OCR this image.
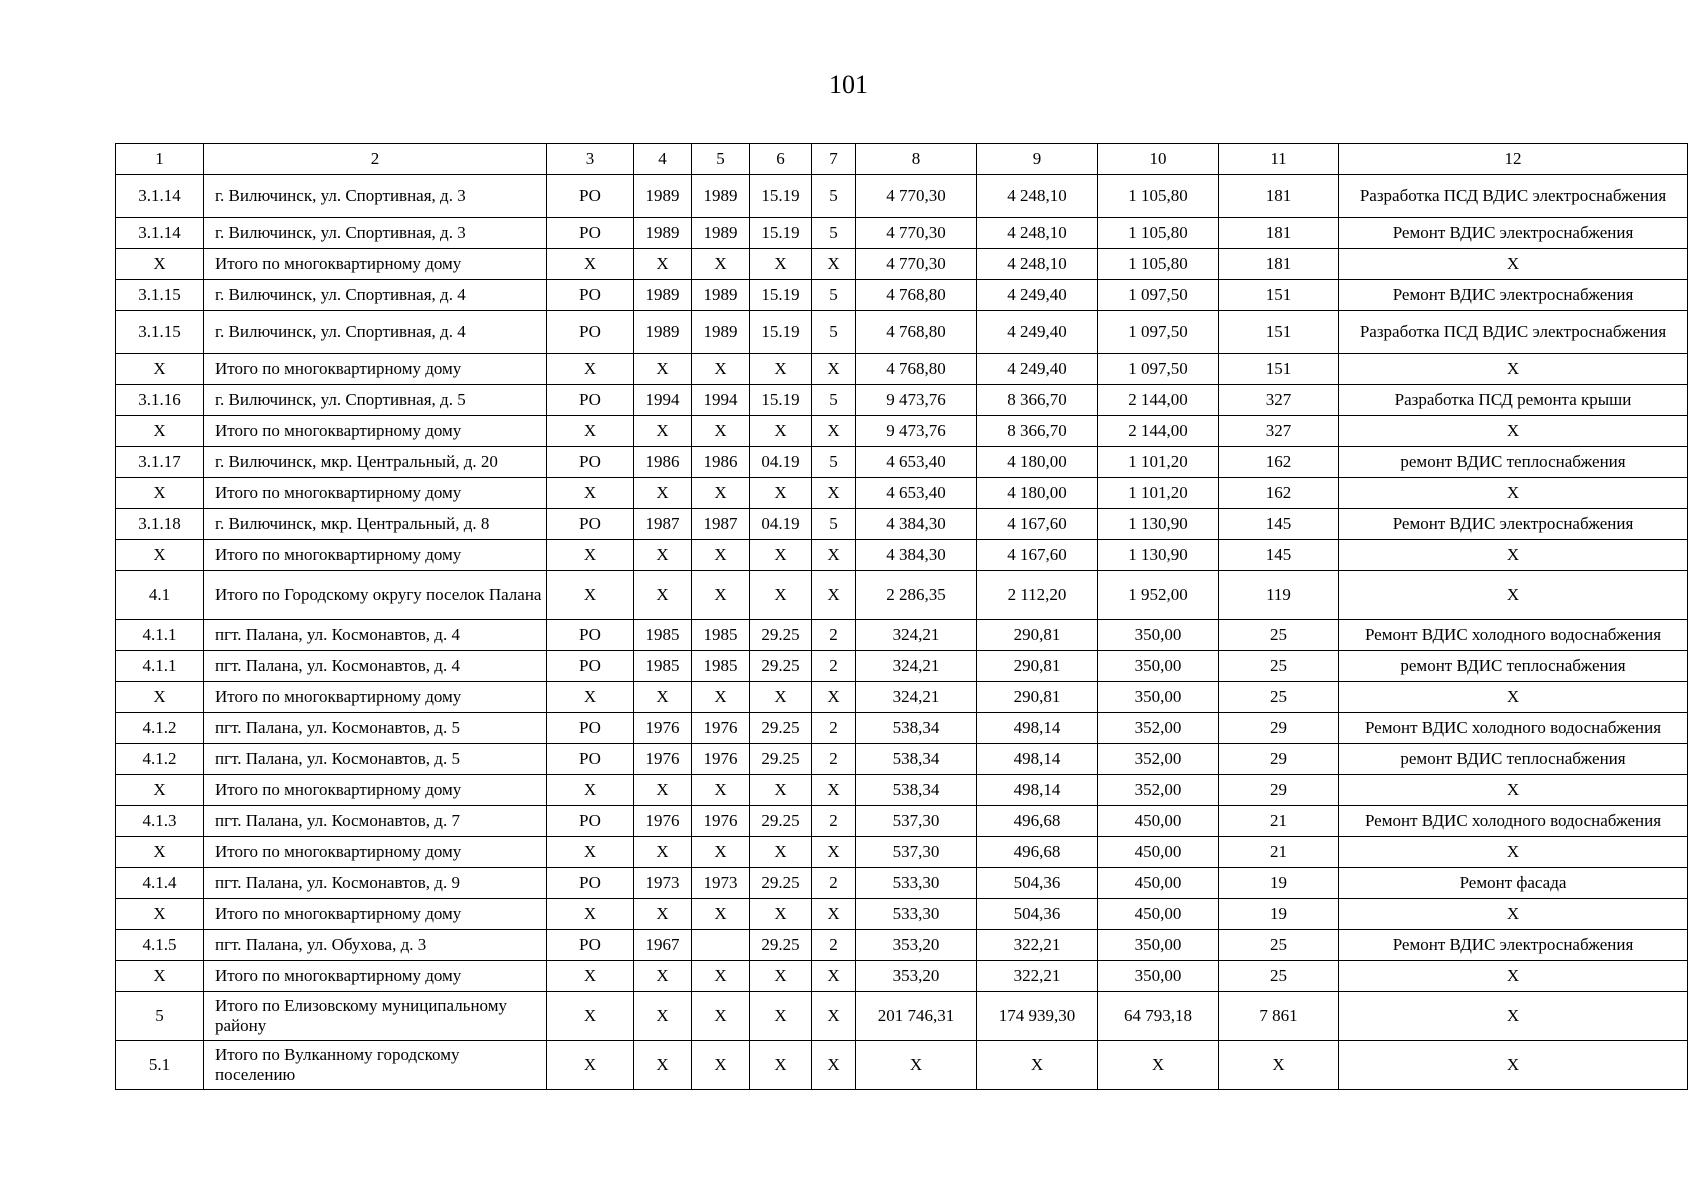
101
1	2	3	4	5	6	7	8	9	10	11	12
3.1.14	г. Вилючинск, ул. Спортивная, д. 3	РО	1989	1989	15.19	5	4 770,30	4 248,10	1 105,80	181	Разработка ПСД ВДИС электроснабжения
3.1.14	г. Вилючинск, ул. Спортивная, д. 3	РО	1989	1989	15.19	5	4 770,30	4 248,10	1 105,80	181	Ремонт ВДИС электроснабжения
X	Итого по многоквартирному дому	X	X	X	X	X	4 770,30	4 248,10	1 105,80	181	X
3.1.15	г. Вилючинск, ул. Спортивная, д. 4	РО	1989	1989	15.19	5	4 768,80	4 249,40	1 097,50	151	Ремонт ВДИС электроснабжения
3.1.15	г. Вилючинск, ул. Спортивная, д. 4	РО	1989	1989	15.19	5	4 768,80	4 249,40	1 097,50	151	Разработка ПСД ВДИС электроснабжения
X	Итого по многоквартирному дому	X	X	X	X	X	4 768,80	4 249,40	1 097,50	151	X
3.1.16	г. Вилючинск, ул. Спортивная, д. 5	РО	1994	1994	15.19	5	9 473,76	8 366,70	2 144,00	327	Разработка ПСД ремонта крыши
X	Итого по многоквартирному дому	X	X	X	X	X	9 473,76	8 366,70	2 144,00	327	X
3.1.17	г. Вилючинск, мкр. Центральный, д. 20	РО	1986	1986	04.19	5	4 653,40	4 180,00	1 101,20	162	ремонт ВДИС теплоснабжения
X	Итого по многоквартирному дому	X	X	X	X	X	4 653,40	4 180,00	1 101,20	162	X
3.1.18	г. Вилючинск, мкр. Центральный, д. 8	РО	1987	1987	04.19	5	4 384,30	4 167,60	1 130,90	145	Ремонт ВДИС электроснабжения
X	Итого по многоквартирному дому	X	X	X	X	X	4 384,30	4 167,60	1 130,90	145	X
4.1	Итого по Городскому округу поселок Палана	X	X	X	X	X	2 286,35	2 112,20	1 952,00	119	X
4.1.1	пгт. Палана, ул. Космонавтов, д. 4	РО	1985	1985	29.25	2	324,21	290,81	350,00	25	Ремонт ВДИС холодного водоснабжения
4.1.1	пгт. Палана, ул. Космонавтов, д. 4	РО	1985	1985	29.25	2	324,21	290,81	350,00	25	ремонт ВДИС теплоснабжения
X	Итого по многоквартирному дому	X	X	X	X	X	324,21	290,81	350,00	25	X
4.1.2	пгт. Палана, ул. Космонавтов, д. 5	РО	1976	1976	29.25	2	538,34	498,14	352,00	29	Ремонт ВДИС холодного водоснабжения
4.1.2	пгт. Палана, ул. Космонавтов, д. 5	РО	1976	1976	29.25	2	538,34	498,14	352,00	29	ремонт ВДИС теплоснабжения
X	Итого по многоквартирному дому	X	X	X	X	X	538,34	498,14	352,00	29	X
4.1.3	пгт. Палана, ул. Космонавтов, д. 7	РО	1976	1976	29.25	2	537,30	496,68	450,00	21	Ремонт ВДИС холодного водоснабжения
X	Итого по многоквартирному дому	X	X	X	X	X	537,30	496,68	450,00	21	X
4.1.4	пгт. Палана, ул. Космонавтов, д. 9	РО	1973	1973	29.25	2	533,30	504,36	450,00	19	Ремонт фасада
X	Итого по многоквартирному дому	X	X	X	X	X	533,30	504,36	450,00	19	X
4.1.5	пгт. Палана, ул. Обухова, д. 3	РО	1967		29.25	2	353,20	322,21	350,00	25	Ремонт ВДИС электроснабжения
X	Итого по многоквартирному дому	X	X	X	X	X	353,20	322,21	350,00	25	X
5	Итого по Елизовскому муниципальному району	X	X	X	X	X	201 746,31	174 939,30	64 793,18	7 861	X
5.1	Итого по Вулканному городскому поселению	X	X	X	X	X	X	X	X	X	X
